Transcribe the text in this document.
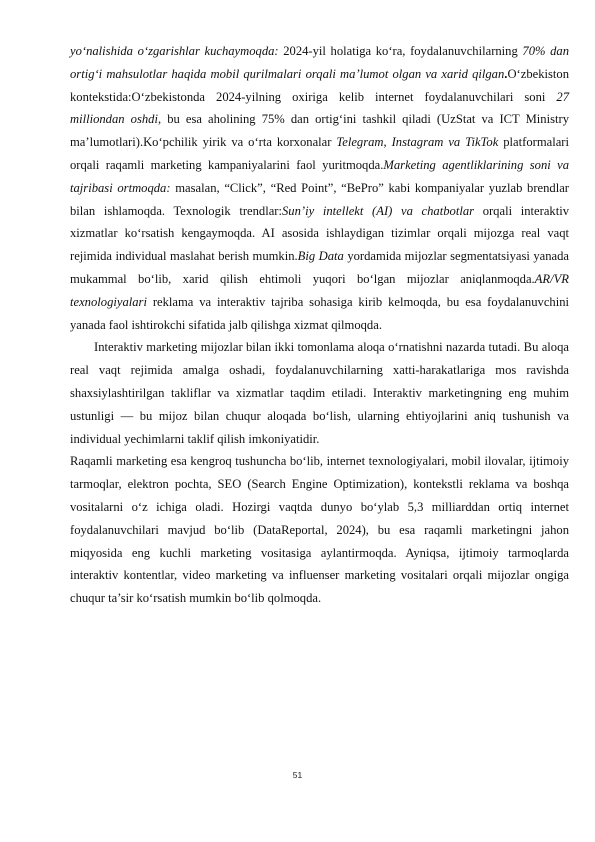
yo‘nalishida o‘zgarishlar kuchaymoqda: 2024-yil holatiga ko‘ra, foydalanuvchilarning 70% dan ortig‘i mahsulotlar haqida mobil qurilmalari orqali ma’lumot olgan va xarid qilgan.O‘zbekiston kontekstida:O‘zbekistonda 2024-yilning oxiriga kelib internet foydalanuvchilari soni 27 milliondan oshdi, bu esa aholining 75% dan ortig‘ini tashkil qiladi (UzStat va ICT Ministry ma’lumotlari).Ko‘pchilik yirik va o‘rta korxonalar Telegram, Instagram va TikTok platformalari orqali raqamli marketing kampaniyalarini faol yuritmoqda.Marketing agentliklarining soni va tajribasi ortmoqda: masalan, “Click”, “Red Point”, “BePro” kabi kompaniyalar yuzlab brendlar bilan ishlamoqda. Texnologik trendlar:Sun’iy intellekt (AI) va chatbotlar orqali interaktiv xizmatlar ko‘rsatish kengaymoqda. AI asosida ishlaydigan tizimlar orqali mijozga real vaqt rejimida individual maslahat berish mumkin.Big Data yordamida mijozlar segmentatsiyasi yanada mukammal bo‘lib, xarid qilish ehtimoli yuqori bo‘lgan mijozlar aniqlanmoqda.AR/VR texnologiyalari reklama va interaktiv tajriba sohasiga kirib kelmoqda, bu esa foydalanuvchini yanada faol ishtirokchi sifatida jalb qilishga xizmat qilmoqda.

Interaktiv marketing mijozlar bilan ikki tomonlama aloqa o‘rnatishni nazarda tutadi. Bu aloqa real vaqt rejimida amalga oshadi, foydalanuvchilarning xatti-harakatlariga mos ravishda shaxsiylashtirilgan takliflar va xizmatlar taqdim etiladi. Interaktiv marketingning eng muhim ustunligi — bu mijoz bilan chuqur aloqada bo‘lish, ularning ehtiyojlarini aniq tushunish va individual yechimlarni taklif qilish imkoniyatidir.

Raqamli marketing esa kengroq tushuncha bo‘lib, internet texnologiyalari, mobil ilovalar, ijtimoiy tarmoqlar, elektron pochta, SEO (Search Engine Optimization), kontekstli reklama va boshqa vositalarni o‘z ichiga oladi. Hozirgi vaqtda dunyo bo‘ylab 5,3 milliarddan ortiq internet foydalanuvchilari mavjud bo‘lib (DataReportal, 2024), bu esa raqamli marketingni jahon miqyosida eng kuchli marketing vositasiga aylantirmoqda. Ayniqsa, ijtimoiy tarmoqlarda interaktiv kontentlar, video marketing va influenser marketing vositalari orqali mijozlar ongiga chuqur ta’sir ko‘rsatish mumkin bo‘lib qolmoqda.

51
